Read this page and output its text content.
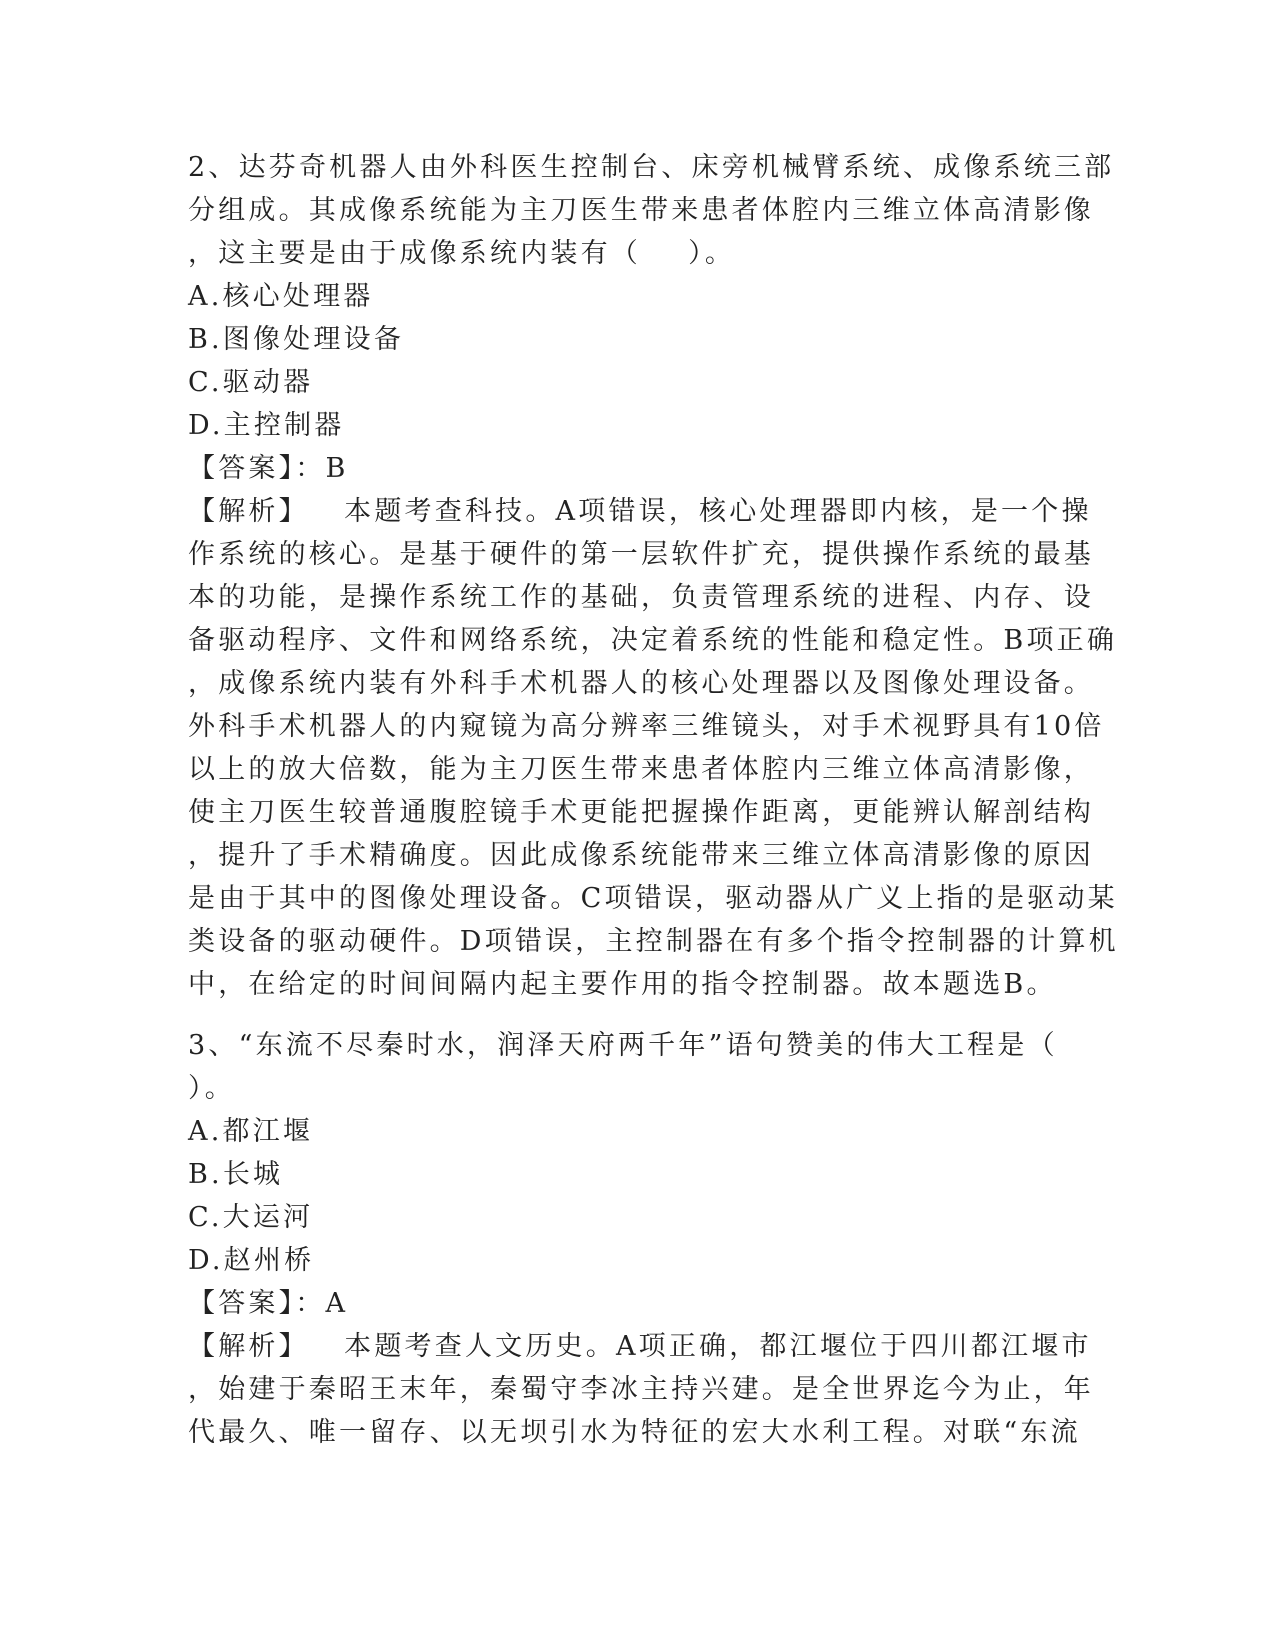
2、达芬奇机器人由外科医生控制台、床旁机械臂系统、成像系统三部
分组成。其成像系统能为主刀医生带来患者体腔内三维立体高清影像
，这主要是由于成像系统内装有（    ）。
A.核心处理器
B.图像处理设备
C.驱动器
D.主控制器
【答案】：B
【解析】   本题考查科技。A项错误，核心处理器即内核，是一个操
作系统的核心。是基于硬件的第一层软件扩充，提供操作系统的最基
本的功能，是操作系统工作的基础，负责管理系统的进程、内存、设
备驱动程序、文件和网络系统，决定着系统的性能和稳定性。B项正确
，成像系统内装有外科手术机器人的核心处理器以及图像处理设备。
外科手术机器人的内窥镜为高分辨率三维镜头，对手术视野具有10倍
以上的放大倍数，能为主刀医生带来患者体腔内三维立体高清影像，
使主刀医生较普通腹腔镜手术更能把握操作距离，更能辨认解剖结构
，提升了手术精确度。因此成像系统能带来三维立体高清影像的原因
是由于其中的图像处理设备。C项错误，驱动器从广义上指的是驱动某
类设备的驱动硬件。D项错误，主控制器在有多个指令控制器的计算机
中，在给定的时间间隔内起主要作用的指令控制器。故本题选B。
3、“东流不尽秦时水，润泽天府两千年”语句赞美的伟大工程是（
）。
A.都江堰
B.长城
C.大运河
D.赵州桥
【答案】：A
【解析】   本题考查人文历史。A项正确，都江堰位于四川都江堰市
，始建于秦昭王末年，秦蜀守李冰主持兴建。是全世界迄今为止，年
代最久、唯一留存、以无坝引水为特征的宏大水利工程。对联“东流
